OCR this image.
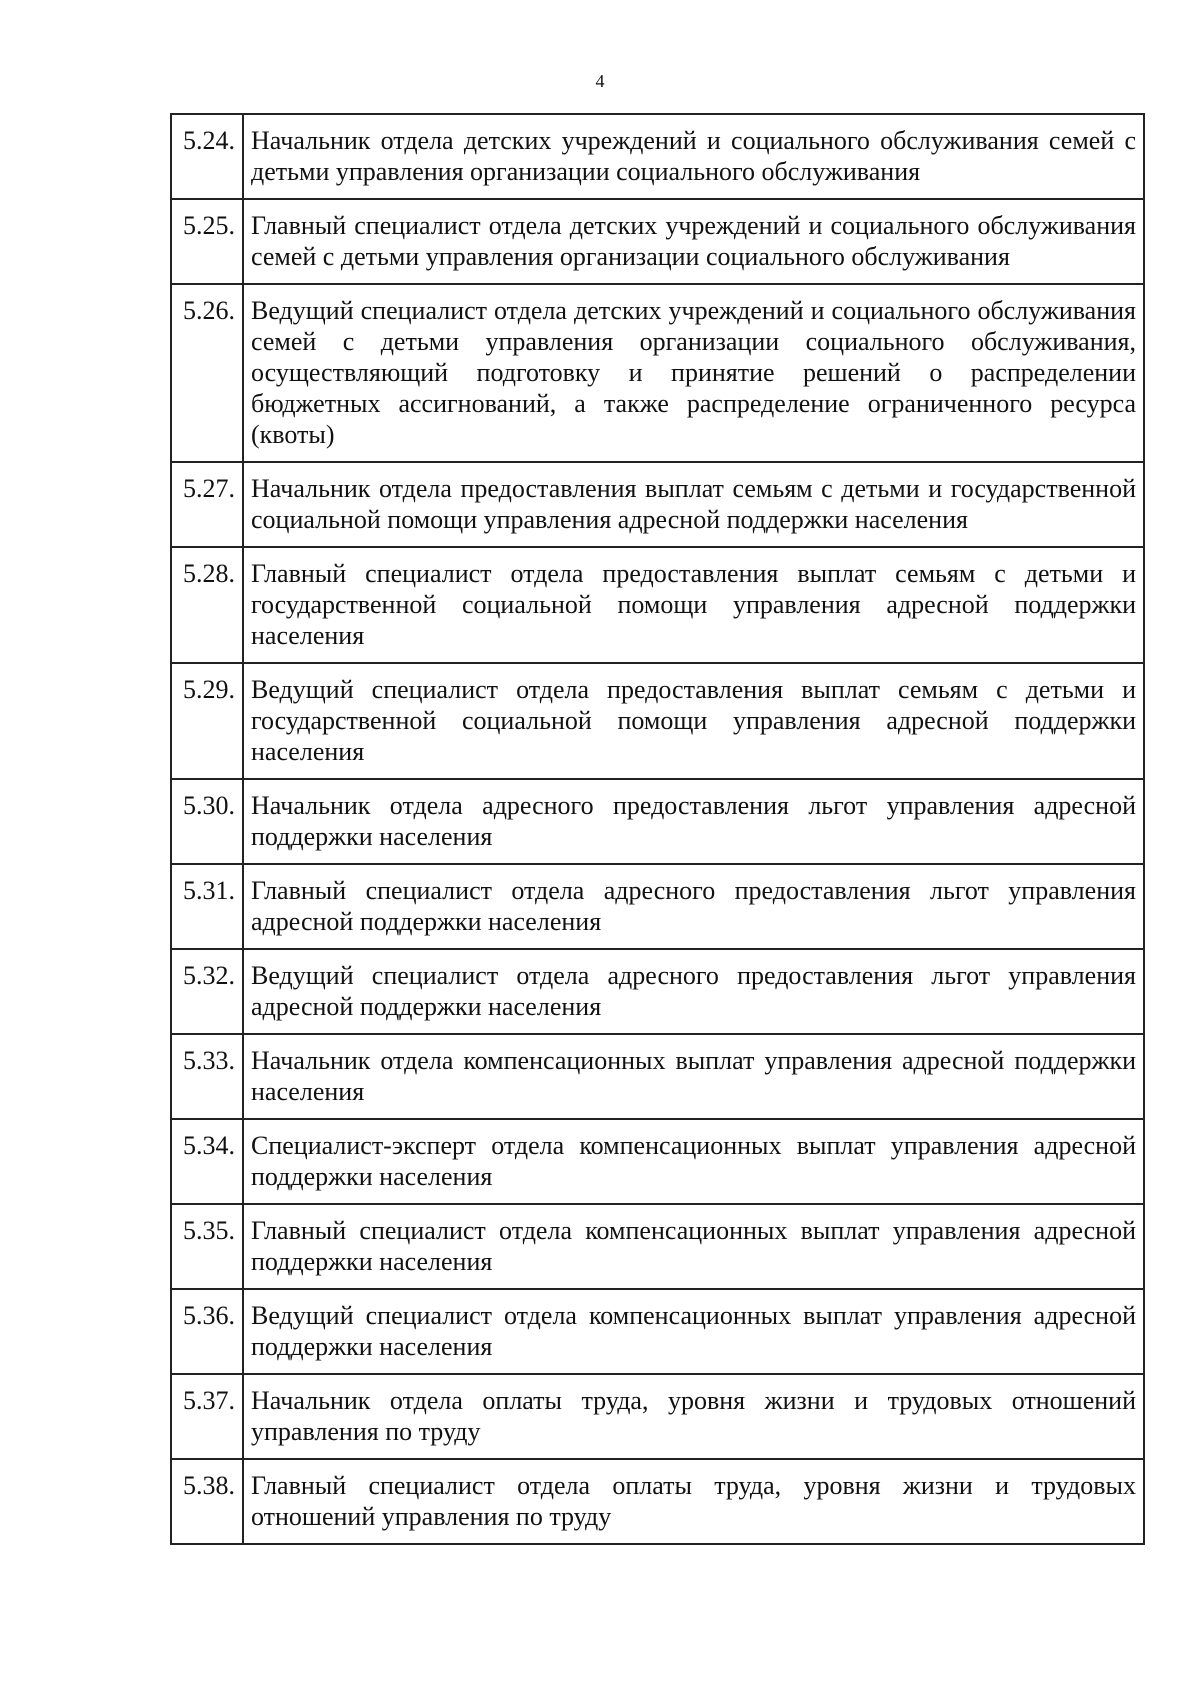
4
5.24.	Начальник отдела детских учреждений и социального обслуживания семей с детьми управления организации социального обслуживания
5.25.	Главный специалист отдела детских учреждений и социального обслуживания семей с детьми управления организации социального обслуживания
5.26.	Ведущий специалист отдела детских учреждений и социального обслуживания семей с детьми управления организации социального обслуживания, осуществляющий подготовку и принятие решений о распределении бюджетных ассигнований, а также распределение ограниченного ресурса (квоты)
5.27.	Начальник отдела предоставления выплат семьям с детьми и государственной социальной помощи управления адресной поддержки населения
5.28.	Главный специалист отдела предоставления выплат семьям с детьми и государственной социальной помощи управления адресной поддержки населения
5.29.	Ведущий специалист отдела предоставления выплат семьям с детьми и государственной социальной помощи управления адресной поддержки населения
5.30.	Начальник отдела адресного предоставления льгот управления адресной поддержки населения
5.31.	Главный специалист отдела адресного предоставления льгот управления адресной поддержки населения
5.32.	Ведущий специалист отдела адресного предоставления льгот управления адресной поддержки населения
5.33.	Начальник отдела компенсационных выплат управления адресной поддержки населения
5.34.	Специалист-эксперт отдела компенсационных выплат управления адресной поддержки населения
5.35.	Главный специалист отдела компенсационных выплат управления адресной поддержки населения
5.36.	Ведущий специалист отдела компенсационных выплат управления адресной поддержки населения
5.37.	Начальник отдела оплаты труда, уровня жизни и трудовых отношений управления по труду
5.38.	Главный специалист отдела оплаты труда, уровня жизни и трудовых отношений управления по труду
